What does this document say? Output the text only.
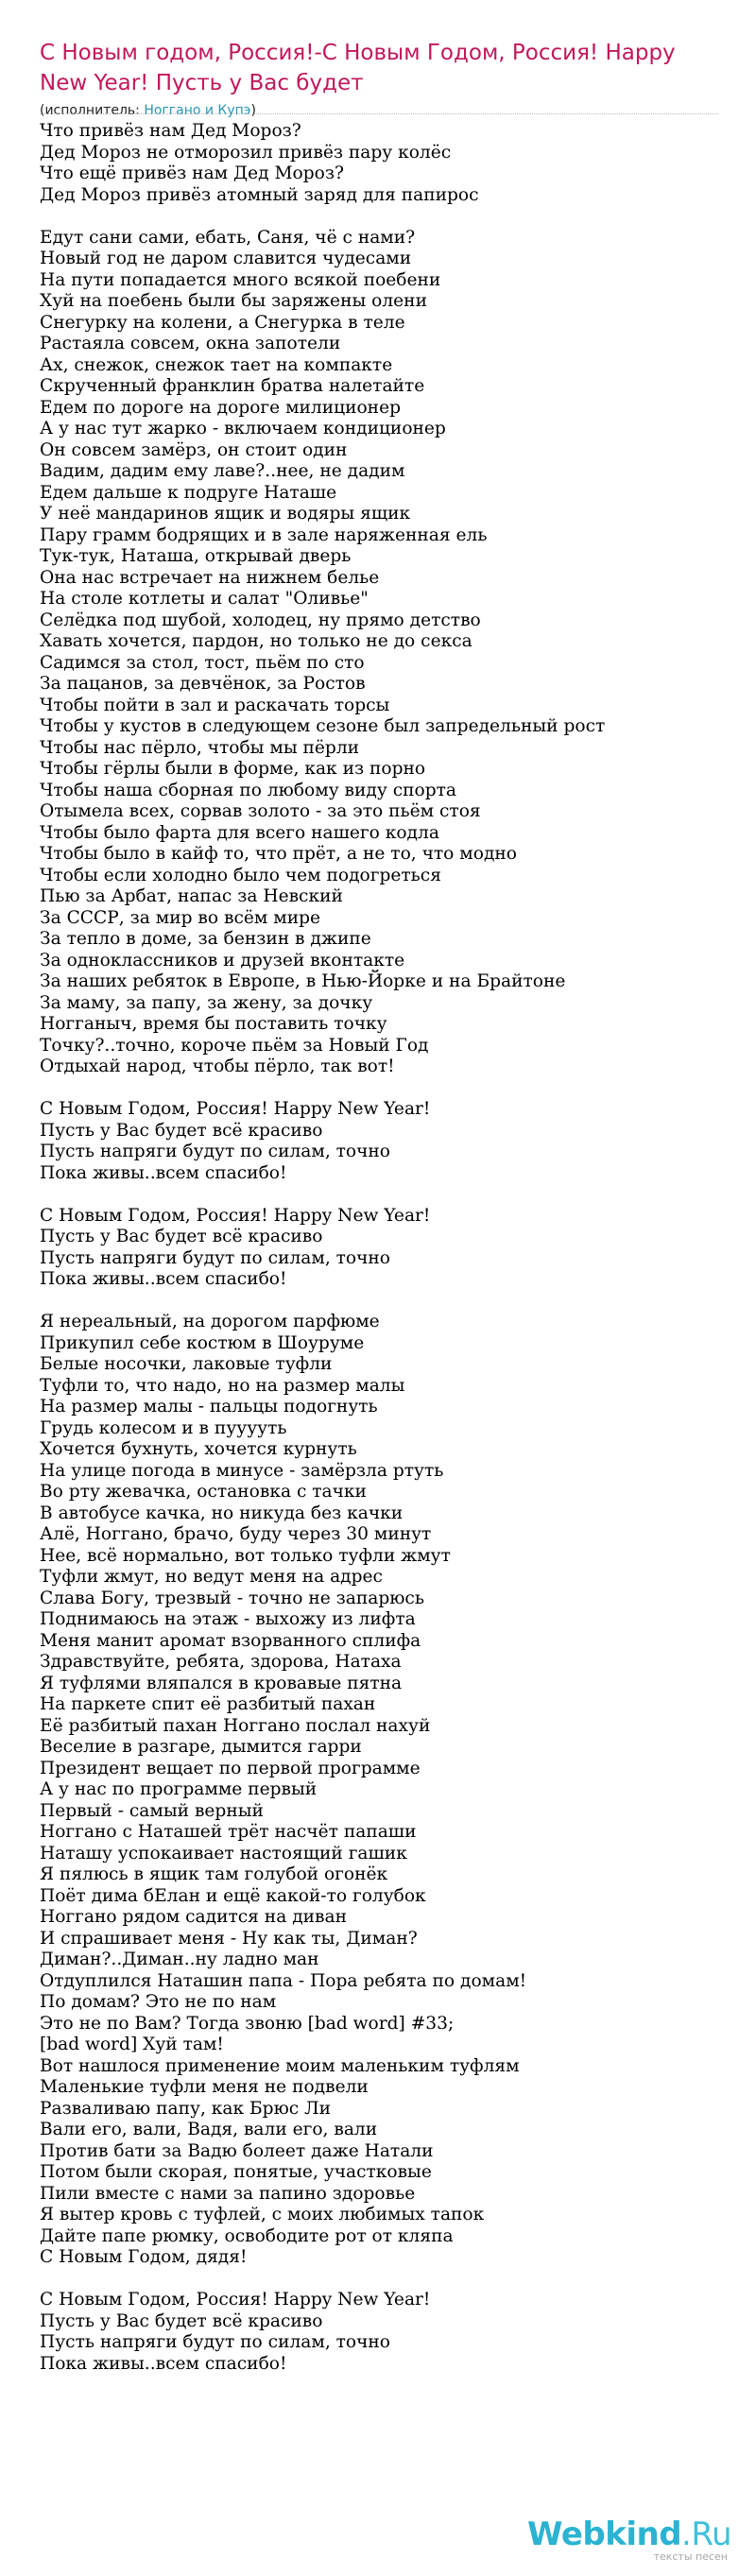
С Новым годом, Россия!-С Новым Годом, Россия! Happy New Year! Пусть у Вас будет
(исполнитель: Ноггано и Купэ)
Что привёз нам Дед Мороз?
Дед Мороз не отморозил привёз пару колёс
Что ещё привёз нам Дед Мороз?
Дед Мороз привёз атомный заряд для папирос
Едут сани сами, ебать, Саня, чё с нами?
Новый год не даром славится чудесами
На пути попадается много всякой поебени
Хуй на поебень были бы заряжены олени
Снегурку на колени, а Снегурка в теле
Растаяла совсем, окна запотели
Ах, снежок, снежок тает на компакте
Скрученный франклин братва налетайте
Едем по дороге на дороге милиционер
А у нас тут жарко - включаем кондиционер
Он совсем замёрз, он стоит один
Вадим, дадим ему лаве?..нее, не дадим
Едем дальше к подруге Наташе
У неё мандаринов ящик и водяры ящик
Пару грамм бодрящих и в зале наряженная ель
Тук-тук, Наташа, открывай дверь
Она нас встречает на нижнем белье
На столе котлеты и салат "Оливье"
Селёдка под шубой, холодец, ну прямо детство
Хавать хочется, пардон, но только не до секса
Садимся за стол, тост, пьём по сто
За пацанов, за девчёнок, за Ростов
Чтобы пойти в зал и раскачать торсы
Чтобы у кустов в следующем сезоне был запредельный рост
Чтобы нас пёрло, чтобы мы пёрли
Чтобы гёрлы были в форме, как из порно
Чтобы наша сборная по любому виду спорта
Отымела всех, сорвав золото - за это пьём стоя
Чтобы было фарта для всего нашего кодла
Чтобы было в кайф то, что прёт, а не то, что модно
Чтобы если холодно было чем подогреться
Пью за Арбат, напас за Невский
За СССР, за мир во всём мире
За тепло в доме, за бензин в джипе
За одноклассников и друзей вконтакте
За наших ребяток в Европе, в Нью-Йорке и на Брайтоне
За маму, за папу, за жену, за дочку
Ногганыч, время бы поставить точку
Точку?..точно, короче пьём за Новый Год
Отдыхай народ, чтобы пёрло, так вот!
С Новым Годом, Россия! Happy New Year!
Пусть у Вас будет всё красиво
Пусть напряги будут по силам, точно
Пока живы..всем спасибо!
С Новым Годом, Россия! Happy New Year!
Пусть у Вас будет всё красиво
Пусть напряги будут по силам, точно
Пока живы..всем спасибо!
Я нереальный, на дорогом парфюме
Прикупил себе костюм в Шоуруме
Белые носочки, лаковые туфли
Туфли то, что надо, но на размер малы
На размер малы - пальцы подогнуть
Грудь колесом и в пууууть
Хочется бухнуть, хочется курнуть
На улице погода в минусе - замёрзла ртуть
Во рту жевачка, остановка с тачки
В автобусе качка, но никуда без качки
Алё, Ноггано, брачо, буду через 30 минут
Нее, всё нормально, вот только туфли жмут
Туфли жмут, но ведут меня на адрес
Слава Богу, трезвый - точно не запарюсь
Поднимаюсь на этаж - выхожу из лифта
Меня манит аромат взорванного сплифа
Здравствуйте, ребята, здорова, Натаха
Я туфлями вляпался в кровавые пятна
На паркете спит её разбитый пахан
Её разбитый пахан Ноггано послал нахуй
Веселие в разгаре, дымится гарри
Президент вещает по первой программе
А у нас по программе первый
Первый - самый верный
Ноггано с Наташей трёт насчёт папаши
Наташу успокаивает настоящий гашик
Я пялюсь в ящик там голубой огонёк
Поёт дима бЕлан и ещё какой-то голубок
Ноггано рядом садится на диван
И спрашивает меня - Ну как ты, Диман?
Диман?..Диман..ну ладно ман
Отдуплился Наташин папа - Пора ребята по домам!
По домам? Это не по нам
Это не по Вам? Тогда звоню [bad word] #33;
[bad word] Хуй там!
Вот нашлося применение моим маленьким туфлям
Маленькие туфли меня не подвели
Разваливаю папу, как Брюс Ли
Вали его, вали, Вадя, вали его, вали
Против бати за Вадю болеет даже Натали
Потом были скорая, понятые, участковые
Пили вместе с нами за папино здоровье
Я вытер кровь с туфлей, с моих любимых тапок
Дайте папе рюмку, освободите рот от кляпа
С Новым Годом, дядя!
С Новым Годом, Россия! Happy New Year!
Пусть у Вас будет всё красиво
Пусть напряги будут по силам, точно
Пока живы..всем спасибо!
Webkind.Ru
тексты песен
